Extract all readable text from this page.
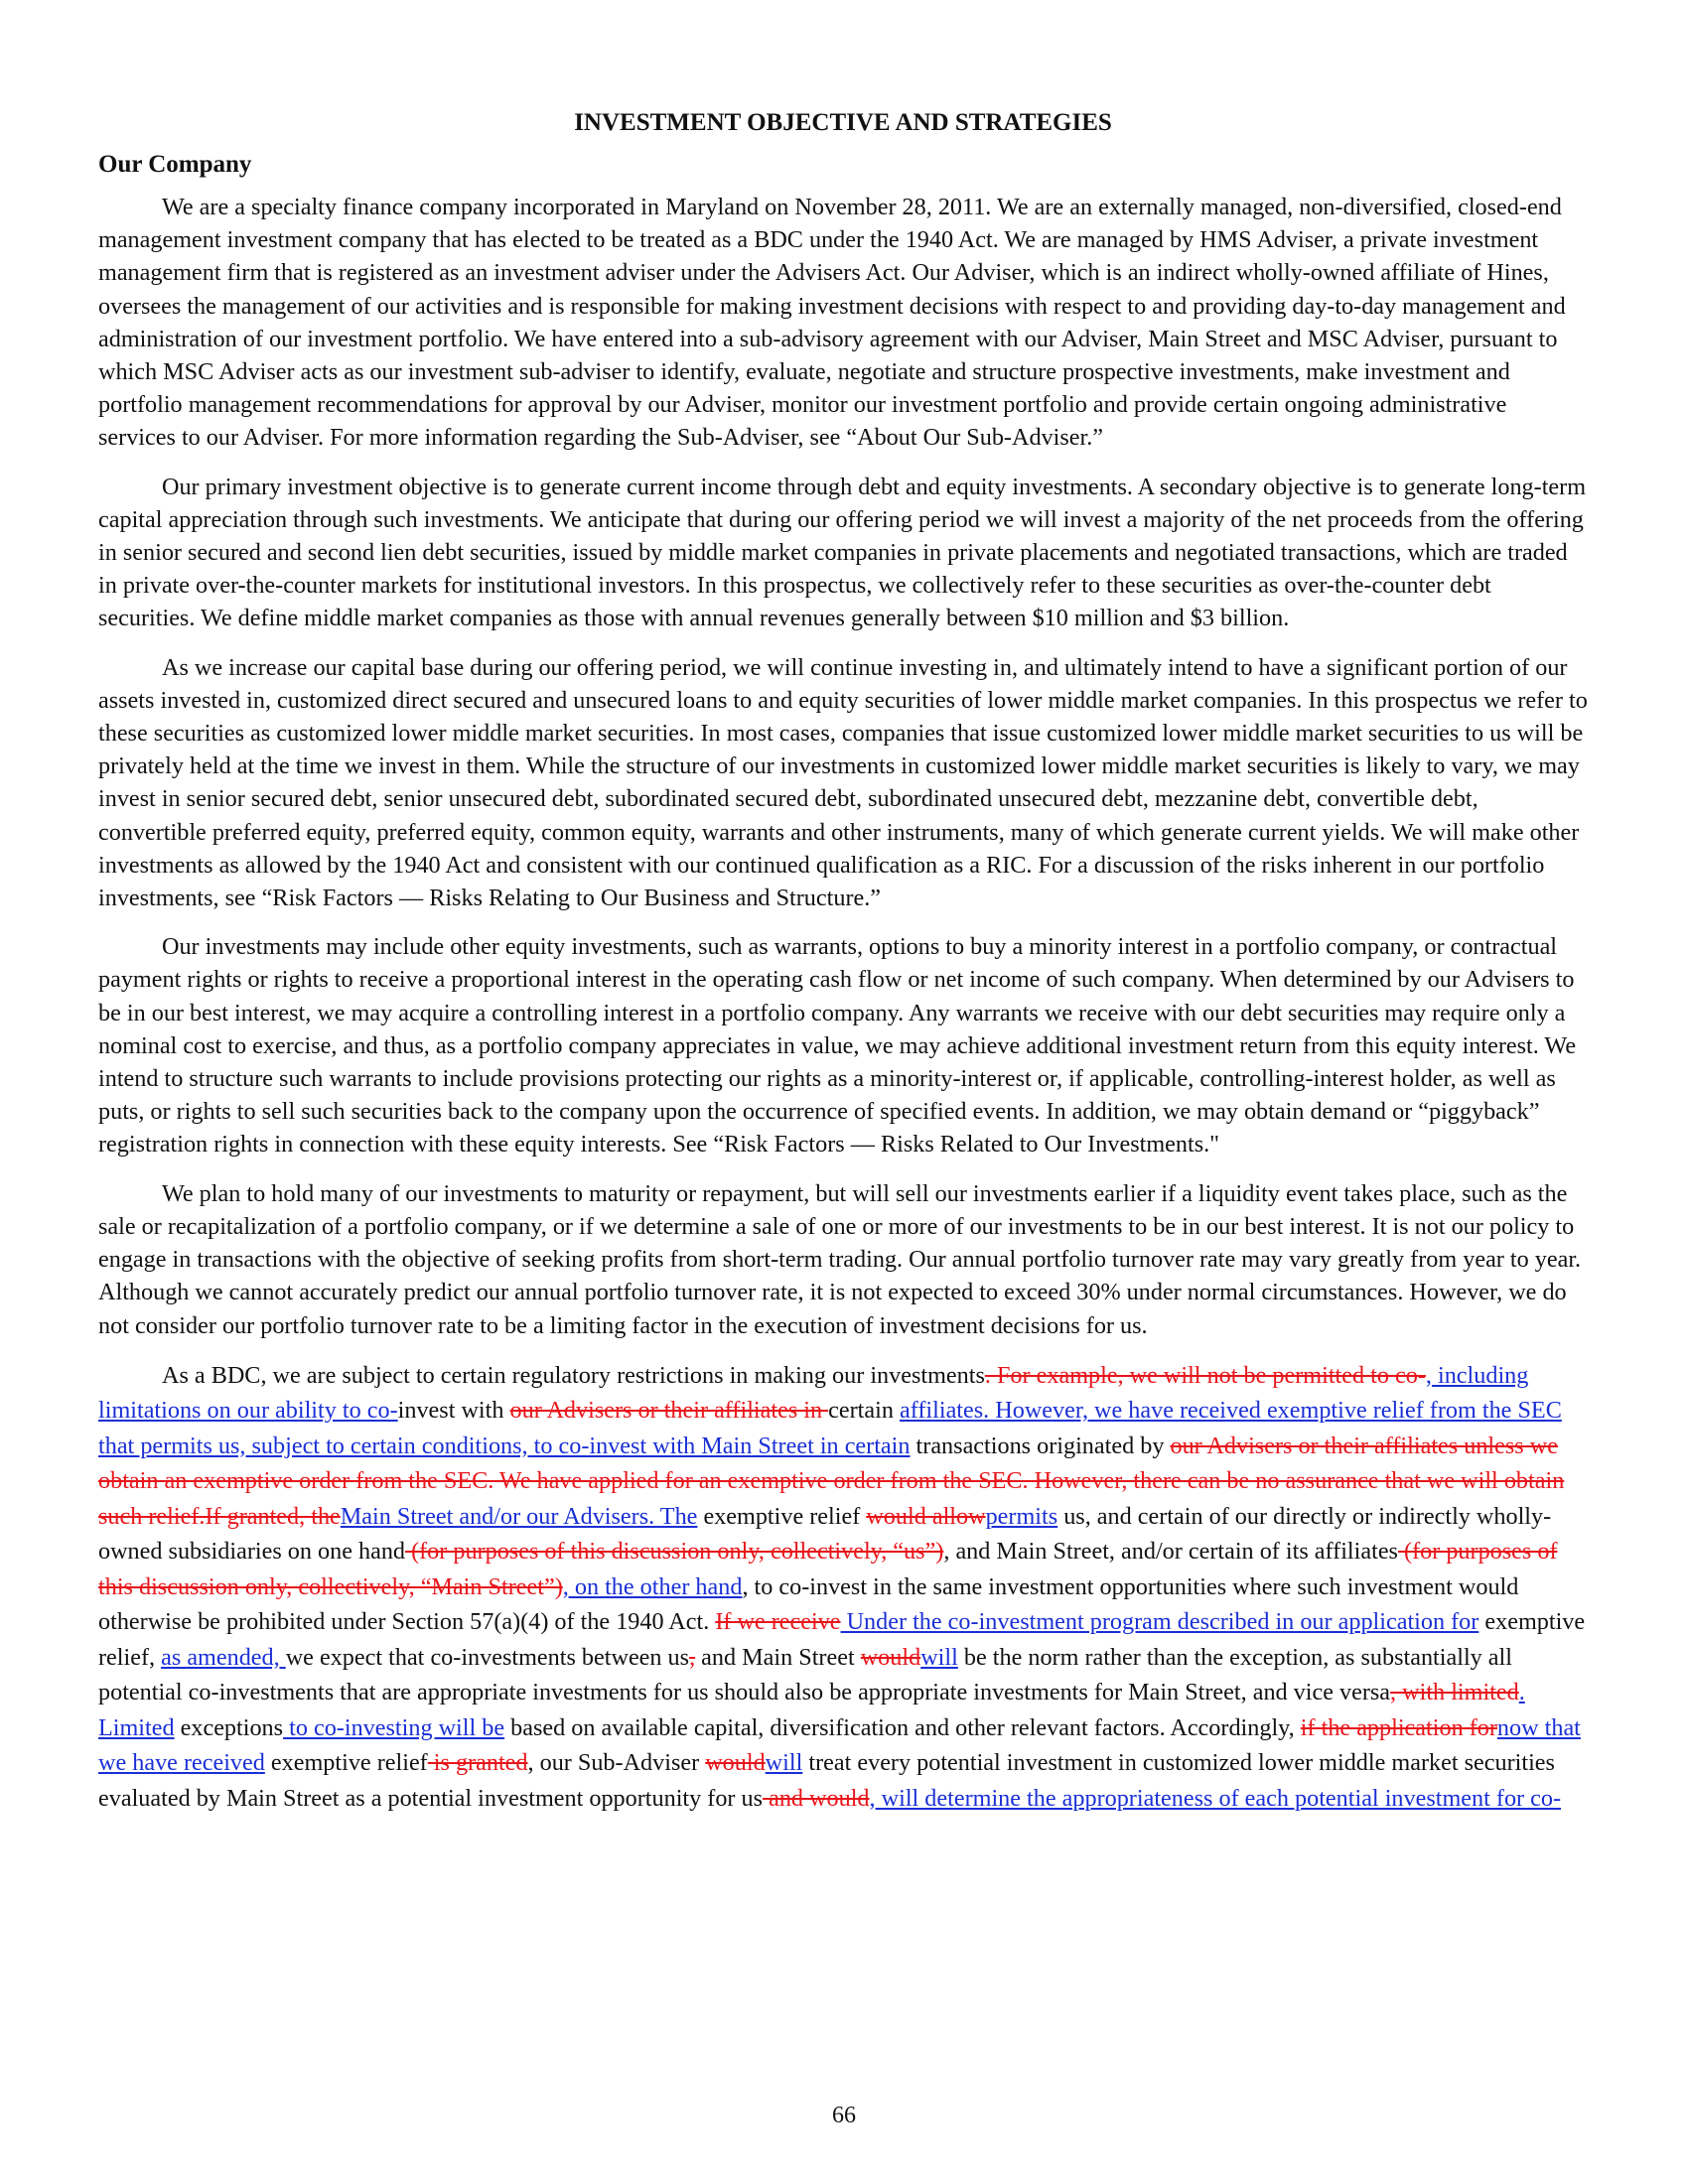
INVESTMENT OBJECTIVE AND STRATEGIES
Our Company

We are a specialty finance company incorporated in Maryland on November 28, 2011. We are an externally managed, non-diversified, closed-end management investment company that has elected to be treated as a BDC under the 1940 Act. We are managed by HMS Adviser, a private investment management firm that is registered as an investment adviser under the Advisers Act. Our Adviser, which is an indirect wholly-owned affiliate of Hines, oversees the management of our activities and is responsible for making investment decisions with respect to and providing day-to-day management and administration of our investment portfolio. We have entered into a sub-advisory agreement with our Adviser, Main Street and MSC Adviser, pursuant to which MSC Adviser acts as our investment sub-adviser to identify, evaluate, negotiate and structure prospective investments, make investment and portfolio management recommendations for approval by our Adviser, monitor our investment portfolio and provide certain ongoing administrative services to our Adviser. For more information regarding the Sub-Adviser, see “About Our Sub-Adviser.”

Our primary investment objective is to generate current income through debt and equity investments. A secondary objective is to generate long-term capital appreciation through such investments. We anticipate that during our offering period we will invest a majority of the net proceeds from the offering in senior secured and second lien debt securities, issued by middle market companies in private placements and negotiated transactions, which are traded in private over-the-counter markets for institutional investors. In this prospectus, we collectively refer to these securities as over-the-counter debt securities. We define middle market companies as those with annual revenues generally between $10 million and $3 billion.

As we increase our capital base during our offering period, we will continue investing in, and ultimately intend to have a significant portion of our assets invested in, customized direct secured and unsecured loans to and equity securities of lower middle market companies. In this prospectus we refer to these securities as customized lower middle market securities. In most cases, companies that issue customized lower middle market securities to us will be privately held at the time we invest in them. While the structure of our investments in customized lower middle market securities is likely to vary, we may invest in senior secured debt, senior unsecured debt, subordinated secured debt, subordinated unsecured debt, mezzanine debt, convertible debt, convertible preferred equity, preferred equity, common equity, warrants and other instruments, many of which generate current yields. We will make other investments as allowed by the 1940 Act and consistent with our continued qualification as a RIC. For a discussion of the risks inherent in our portfolio investments, see “Risk Factors — Risks Relating to Our Business and Structure.”

Our investments may include other equity investments, such as warrants, options to buy a minority interest in a portfolio company, or contractual payment rights or rights to receive a proportional interest in the operating cash flow or net income of such company. When determined by our Advisers to be in our best interest, we may acquire a controlling interest in a portfolio company. Any warrants we receive with our debt securities may require only a nominal cost to exercise, and thus, as a portfolio company appreciates in value, we may achieve additional investment return from this equity interest. We intend to structure such warrants to include provisions protecting our rights as a minority-interest or, if applicable, controlling-interest holder, as well as puts, or rights to sell such securities back to the company upon the occurrence of specified events. In addition, we may obtain demand or “piggyback” registration rights in connection with these equity interests. See “Risk Factors — Risks Related to Our Investments."

We plan to hold many of our investments to maturity or repayment, but will sell our investments earlier if a liquidity event takes place, such as the sale or recapitalization of a portfolio company, or if we determine a sale of one or more of our investments to be in our best interest. It is not our policy to engage in transactions with the objective of seeking profits from short-term trading. Our annual portfolio turnover rate may vary greatly from year to year. Although we cannot accurately predict our annual portfolio turnover rate, it is not expected to exceed 30% under normal circumstances. However, we do not consider our portfolio turnover rate to be a limiting factor in the execution of investment decisions for us.

As a BDC, we are subject to certain regulatory restrictions in making our investments. For example, we will not be permitted to co-, including limitations on our ability to co-invest with our Advisers or their affiliates in certain affiliates. However, we have received exemptive relief from the SEC that permits us, subject to certain conditions, to co-invest with Main Street in certain transactions originated by our Advisers or their affiliates unless we obtain an exemptive order from the SEC. We have applied for an exemptive order from the SEC. However, there can be no assurance that we will obtain such relief.If granted, theMain Street and/or our Advisers. The exemptive relief would allowpermits us, and certain of our directly or indirectly wholly-owned subsidiaries on one hand (for purposes of this discussion only, collectively, “us”), and Main Street, and/or certain of its affiliates (for purposes of this discussion only, collectively, “Main Street”), on the other hand, to co-invest in the same investment opportunities where such investment would otherwise be prohibited under Section 57(a)(4) of the 1940 Act. If we receive Under the co-investment program described in our application for exemptive relief, as amended, we expect that co-investments between us, and Main Street wouldwill be the norm rather than the exception, as substantially all potential co-investments that are appropriate investments for us should also be appropriate investments for Main Street, and vice versa, with limited. Limited exceptions to co-investing will be based on available capital, diversification and other relevant factors. Accordingly, if the application fornow that we have received exemptive relief is granted, our Sub-Adviser wouldwill treat every potential investment in customized lower middle market securities evaluated by Main Street as a potential investment opportunity for us and would, will determine the appropriateness of each potential investment for co-

66
